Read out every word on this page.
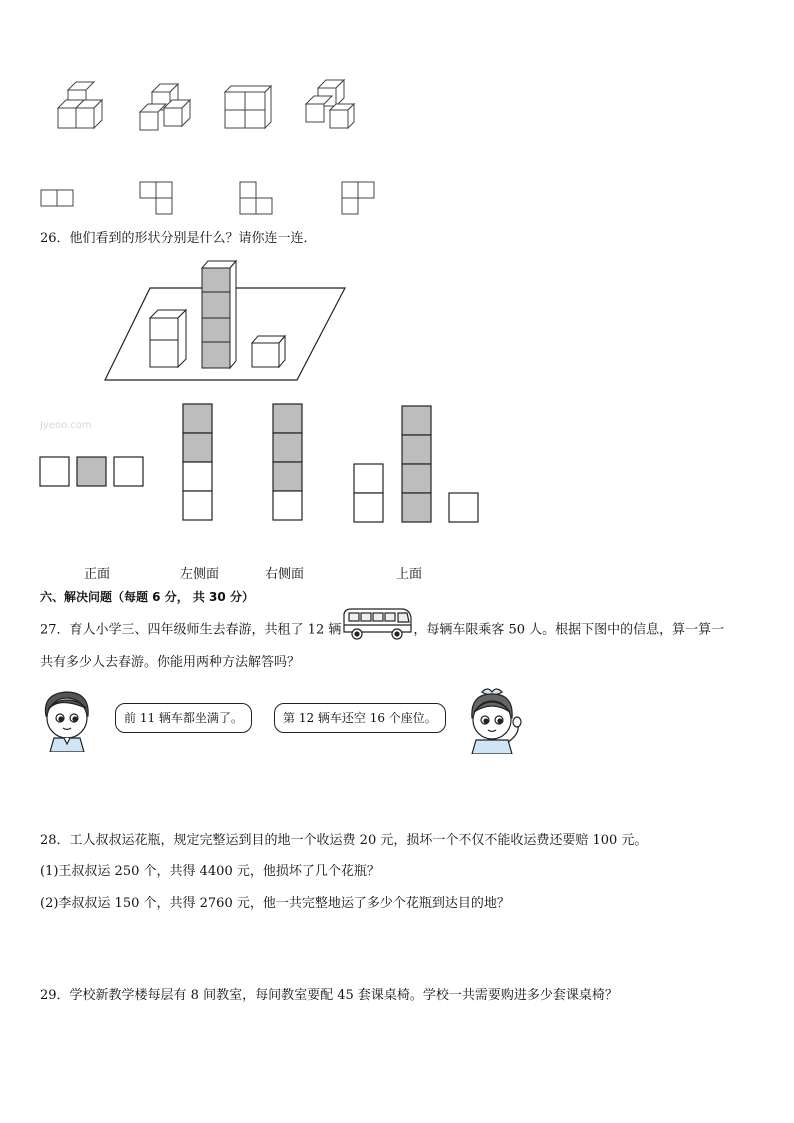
26．他们看到的形状分别是什么？请你连一连．
Jyeoo.com
正面	左侧面	右侧面	上面
六、解决问题（每题 6 分， 共 30 分）
27．育人小学三、四年级师生去春游，共租了 12 辆	，每辆车限乘客 50 人。根据下图中的信息，算一算一
共有多少人去春游。你能用两种方法解答吗？
前 11 辆车都坐满了。	第 12 辆车还空 16 个座位。
28．工人叔叔运花瓶，规定完整运到目的地一个收运费 20 元，损坏一个不仅不能收运费还要赔 100 元。
(1)王叔叔运 250 个，共得 4400 元，他损坏了几个花瓶？
(2)李叔叔运 150 个，共得 2760 元，他一共完整地运了多少个花瓶到达目的地？
29．学校新教学楼每层有 8 间教室，每间教室要配 45 套课桌椅。学校一共需要购进多少套课桌椅？
